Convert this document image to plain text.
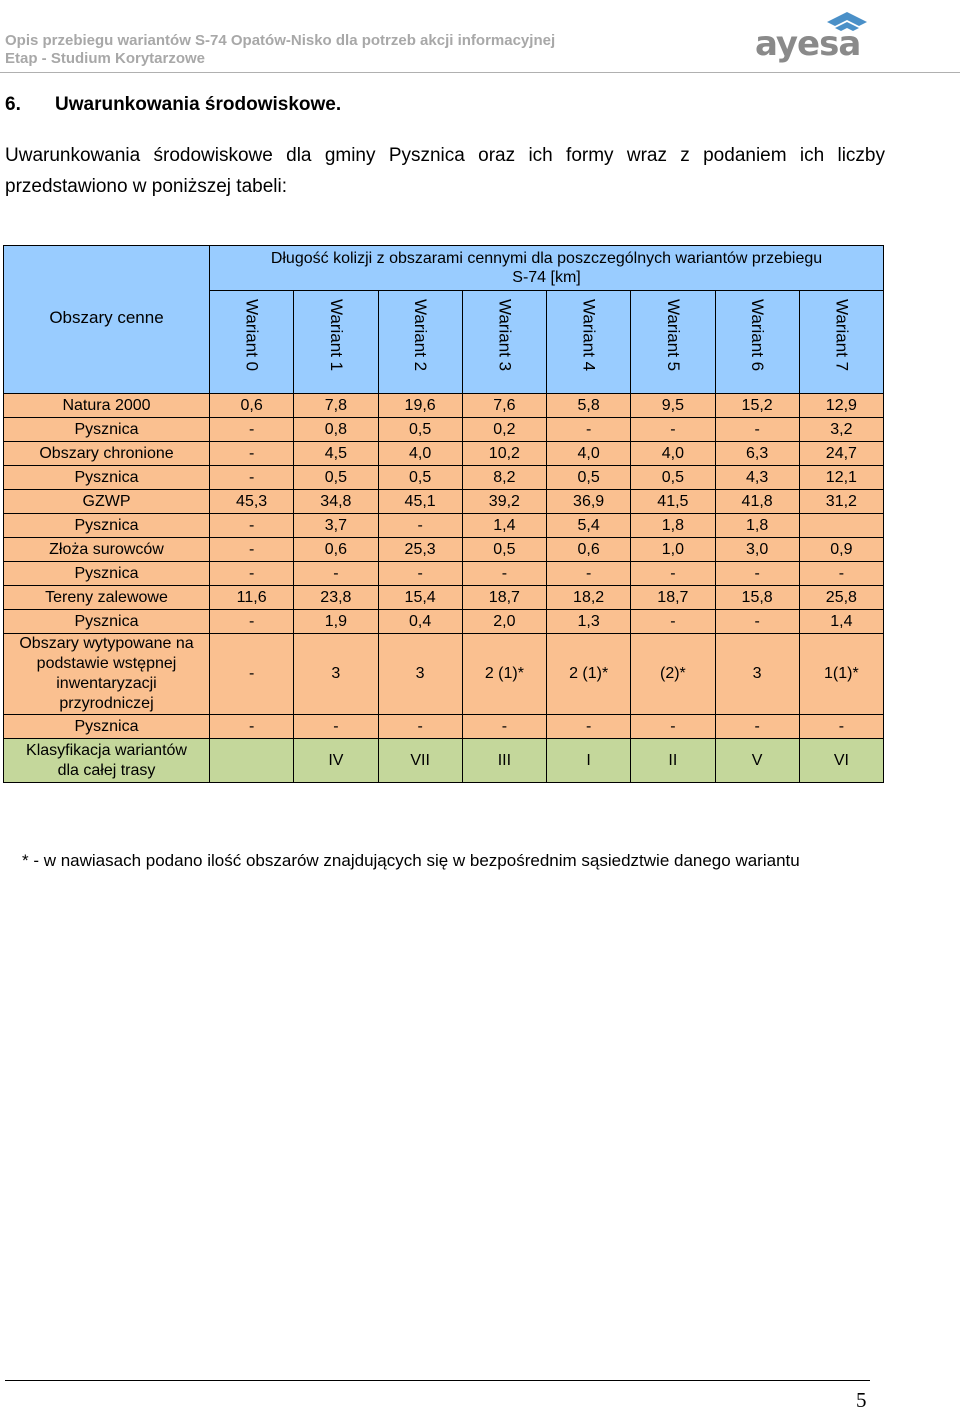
Opis przebiegu wariantów S-74 Opatów-Nisko dla potrzeb akcji informacyjnej
Etap - Studium Korytarzowe	ayesa
6. Uwarunkowania środowiskowe.
Uwarunkowania środowiskowe dla gminy Pysznica oraz ich formy wraz z podaniem ich liczby przedstawiono w poniższej tabeli:
Obszary cenne	Długość kolizji z obszarami cennymi dla poszczególnych wariantów przebiegu S-74 [km]							
	Wariant 0	Wariant 1	Wariant 2	Wariant 3	Wariant 4	Wariant 5	Wariant 6	Wariant 7
Natura 2000	0,6	7,8	19,6	7,6	5,8	9,5	15,2	12,9
Pysznica	-	0,8	0,5	0,2	-	-	-	3,2
Obszary chronione	-	4,5	4,0	10,2	4,0	4,0	6,3	24,7
Pysznica	-	0,5	0,5	8,2	0,5	0,5	4,3	12,1
GZWP	45,3	34,8	45,1	39,2	36,9	41,5	41,8	31,2
Pysznica	-	3,7	-	1,4	5,4	1,8	1,8	
Złoża surowców	-	0,6	25,3	0,5	0,6	1,0	3,0	0,9
Pysznica	-	-	-	-	-	-	-	-
Tereny zalewowe	11,6	23,8	15,4	18,7	18,2	18,7	15,8	25,8
Pysznica	-	1,9	0,4	2,0	1,3	-	-	1,4
Obszary wytypowane na podstawie wstępnej inwentaryzacji przyrodniczej	-	3	3	2 (1)*	2 (1)*	(2)*	3	1(1)*
Pysznica	-	-	-	-	-	-	-	-
Klasyfikacja wariantów dla całej trasy		IV	VII	III	I	II	V	VI
* - w nawiasach podano ilość obszarów znajdujących się w bezpośrednim sąsiedztwie danego wariantu
5
